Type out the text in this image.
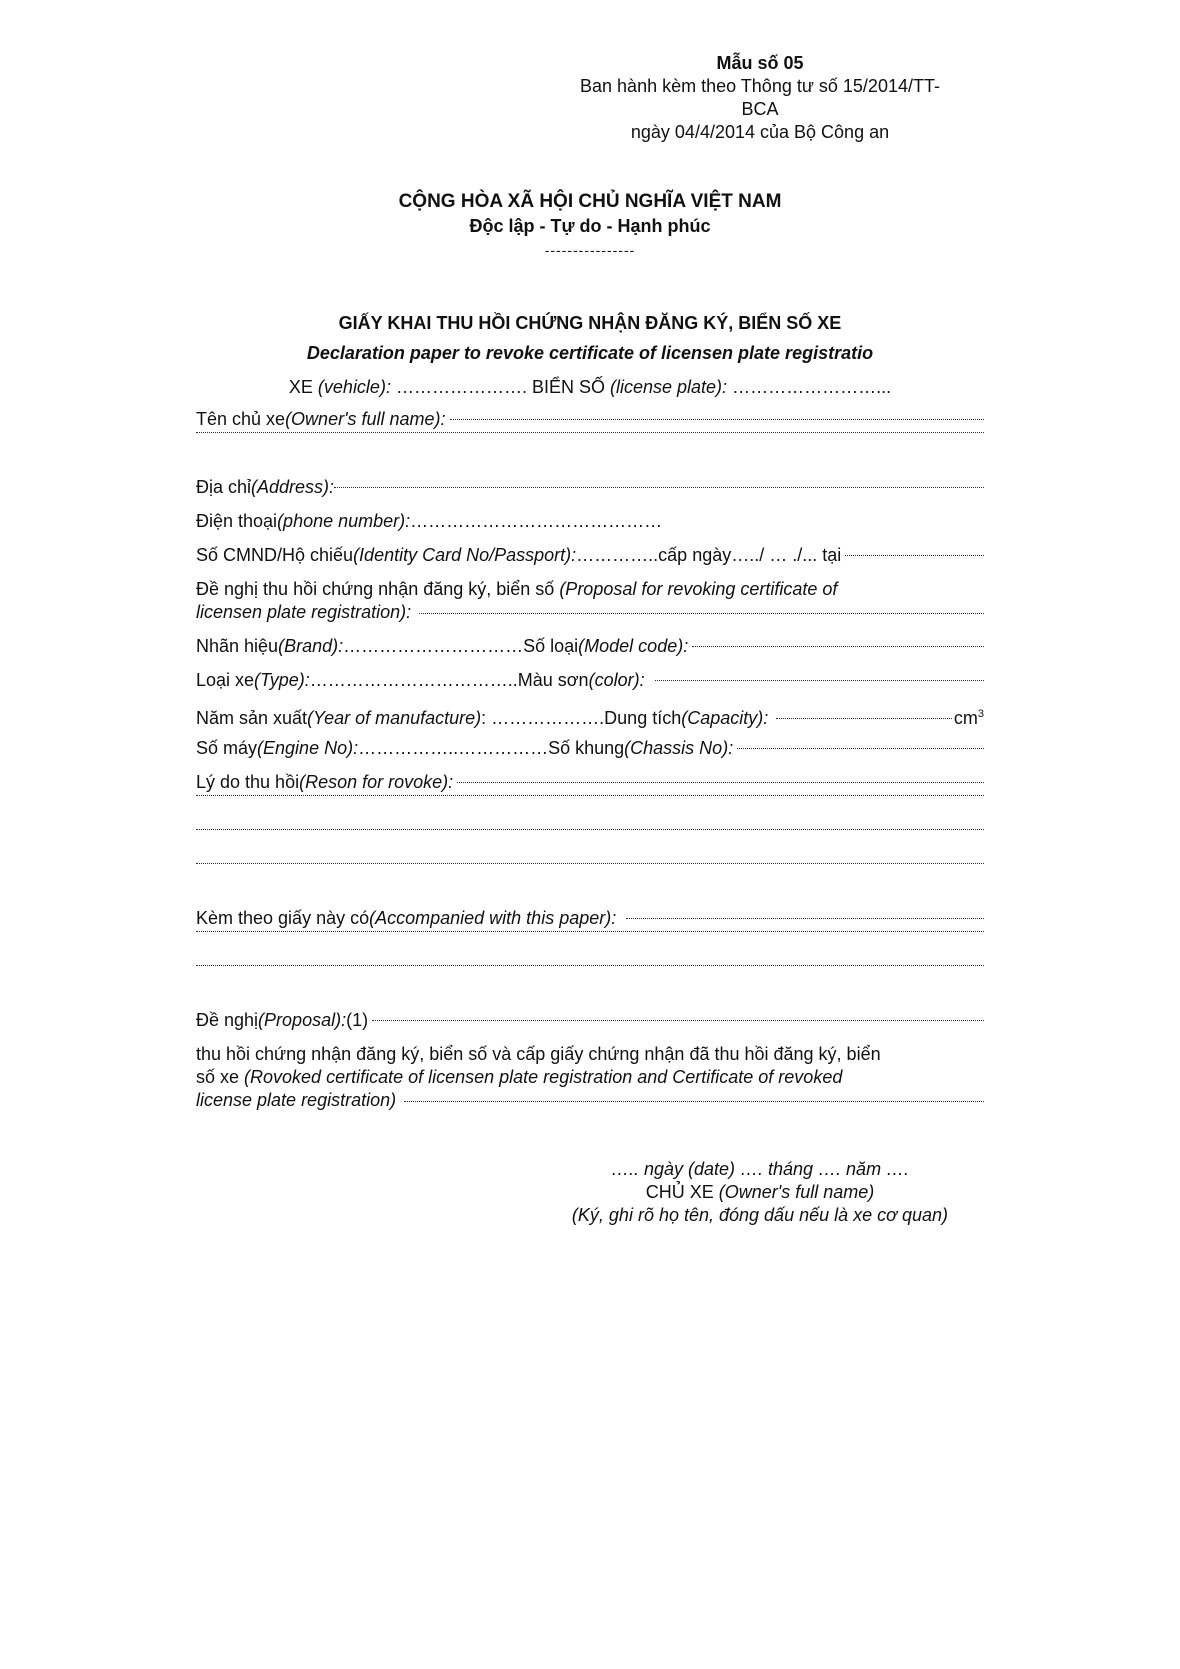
Mẫu số 05
Ban hành kèm theo Thông tư số 15/2014/TT-
BCA
ngày 04/4/2014 của Bộ Công an
CỘNG HÒA XÃ HỘI CHỦ NGHĨA VIỆT NAM
Độc lập - Tự do - Hạnh phúc
----------------
GIẤY KHAI THU HỒI CHỨNG NHẬN ĐĂNG KÝ, BIỂN SỐ XE
Declaration paper to revoke certificate of licensen plate registratio
XE (vehicle): …………………. BIỂN SỐ (license plate): ……………………...
Tên chủ xe (Owner's full name):
Địa chỉ (Address):
Điện thoại (phone number): ……………………………………
Số CMND/Hộ chiếu (Identity Card No/Passport): ………….. cấp ngày…../ … ./... tại
Đề nghị thu hồi chứng nhận đăng ký, biển số (Proposal for revoking certificate of
licensen plate registration):
Nhãn hiệu (Brand): ………………………… Số loại (Model code):
Loại xe (Type): …………………………….. Màu sơn (color):
Năm sản xuất (Year of manufacture) : ………………. Dung tích (Capacity):	$cm^3$
Số máy (Engine No): ……………..…………… Số khung (Chassis No):
Lý do thu hồi (Reson for rovoke):
Kèm theo giấy này có (Accompanied with this paper):
Đề nghị (Proposal): (1)
thu hồi chứng nhận đăng ký, biển số và cấp giấy chứng nhận đã thu hồi đăng ký, biển
số xe (Rovoked certificate of licensen plate registration and Certificate of revoked
license plate registration)
….. ngày (date) …. tháng …. năm ….
CHỦ XE (Owner's full name)
(Ký, ghi rõ họ tên, đóng dấu nếu là xe cơ quan)
